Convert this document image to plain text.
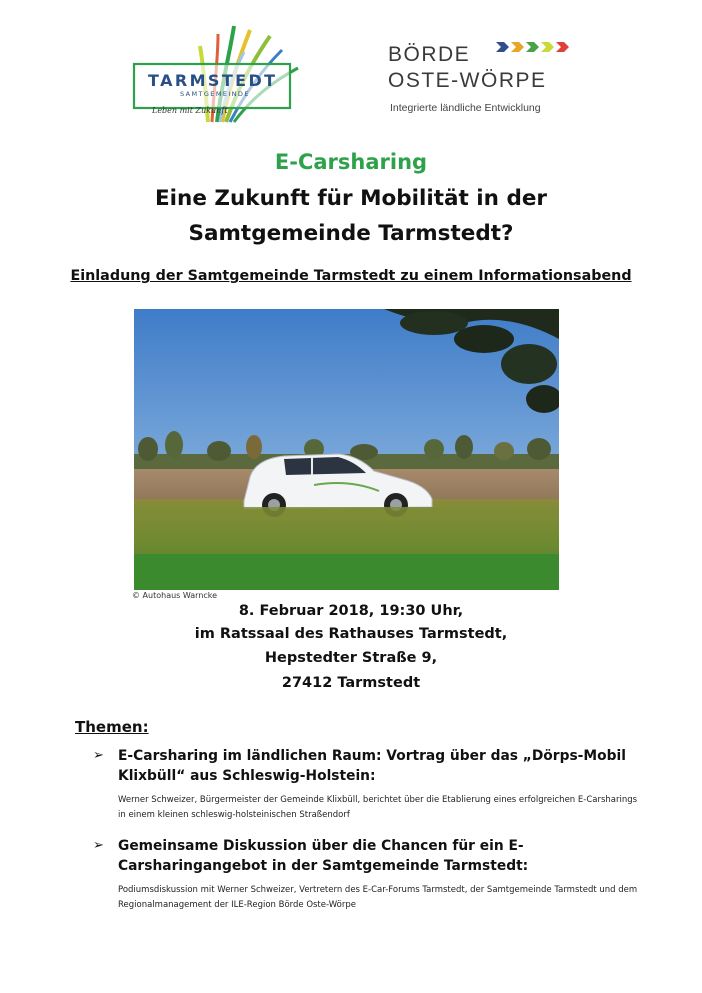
TARMSTEDT
SAMTGEMEINDE
Leben mit Zukunft
BÖRDE
OSTE-WÖRPE
Integrierte ländliche Entwicklung
E-Carsharing
Eine Zukunft für Mobilität in der
Samtgemeinde Tarmstedt?
Einladung der Samtgemeinde Tarmstedt zu einem Informationsabend
© Autohaus Warncke
8. Februar 2018, 19:30 Uhr,
im Ratssaal des Rathauses Tarmstedt,
Hepstedter Straße 9,
27412 Tarmstedt
Themen:
➢ E-Carsharing im ländlichen Raum: Vortrag über das „Dörps-Mobil Klixbüll“ aus Schleswig-Holstein:
Werner Schweizer, Bürgermeister der Gemeinde Klixbüll, berichtet über die Etablierung eines erfolgreichen E-Carsharings in einem kleinen schleswig-holsteinischen Straßendorf
➢ Gemeinsame Diskussion über die Chancen für ein E-Carsharingangebot in der Samtgemeinde Tarmstedt:
Podiumsdiskussion mit Werner Schweizer, Vertretern des E-Car-Forums Tarmstedt, der Samtgemeinde Tarmstedt und dem Regionalmanagement der ILE-Region Börde Oste-Wörpe
